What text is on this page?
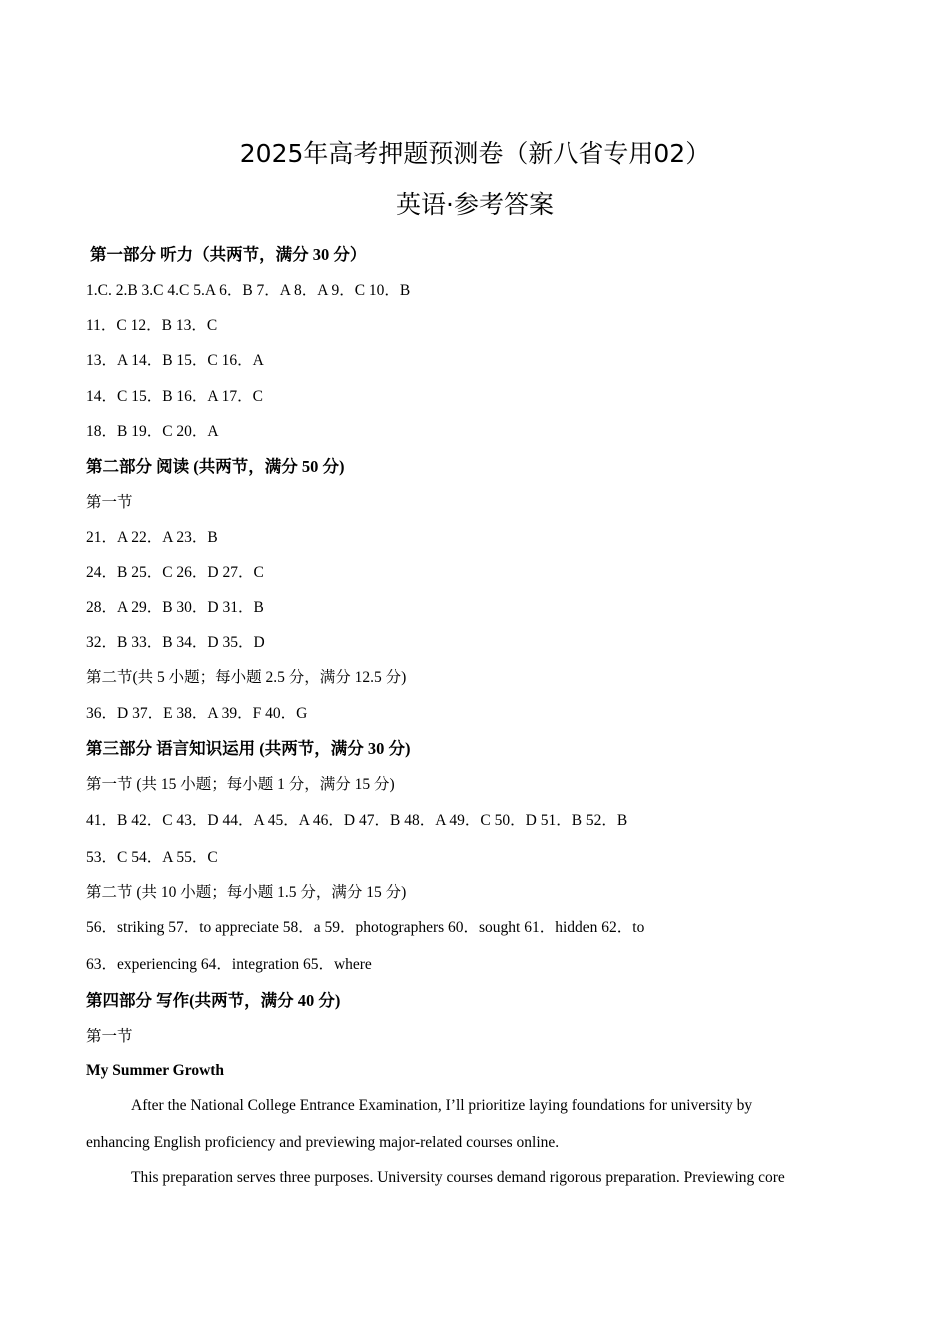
2025年高考押题预测卷（新八省专用02）
英语·参考答案
第一部分 听力（共两节，满分 30 分）
1.C. 2.B 3.C 4.C 5.A 6．B 7．A 8．A 9．C 10．B
11．C 12．B 13．C
13．A 14．B 15．C 16．A
14．C 15．B 16．A 17．C
18．B 19．C 20．A
第二部分 阅读 (共两节，满分 50 分)
第一节
21．A 22．A 23．B
24．B 25．C 26．D 27．C
28．A 29．B 30．D 31．B
32．B 33．B 34．D 35．D
第二节(共 5 小题；每小题 2.5 分，满分 12.5 分)
36．D 37．E 38．A 39．F 40．G
第三部分 语言知识运用 (共两节，满分 30 分)
第一节 (共 15 小题；每小题 1 分，满分 15 分)
41．B 42．C 43．D 44．A 45．A 46．D 47．B 48．A 49．C 50．D 51．B 52．B
53．C 54．A 55．C
第二节 (共 10 小题；每小题 1.5 分，满分 15 分)
56．striking 57．to appreciate 58．a 59．photographers 60．sought 61．hidden 62．to
63．experiencing 64．integration 65．where
第四部分 写作(共两节，满分 40 分)
第一节
My Summer Growth
After the National College Entrance Examination, I’ll prioritize laying foundations for university by
enhancing English proficiency and previewing major-related courses online.
This preparation serves three purposes. University courses demand rigorous preparation. Previewing core
